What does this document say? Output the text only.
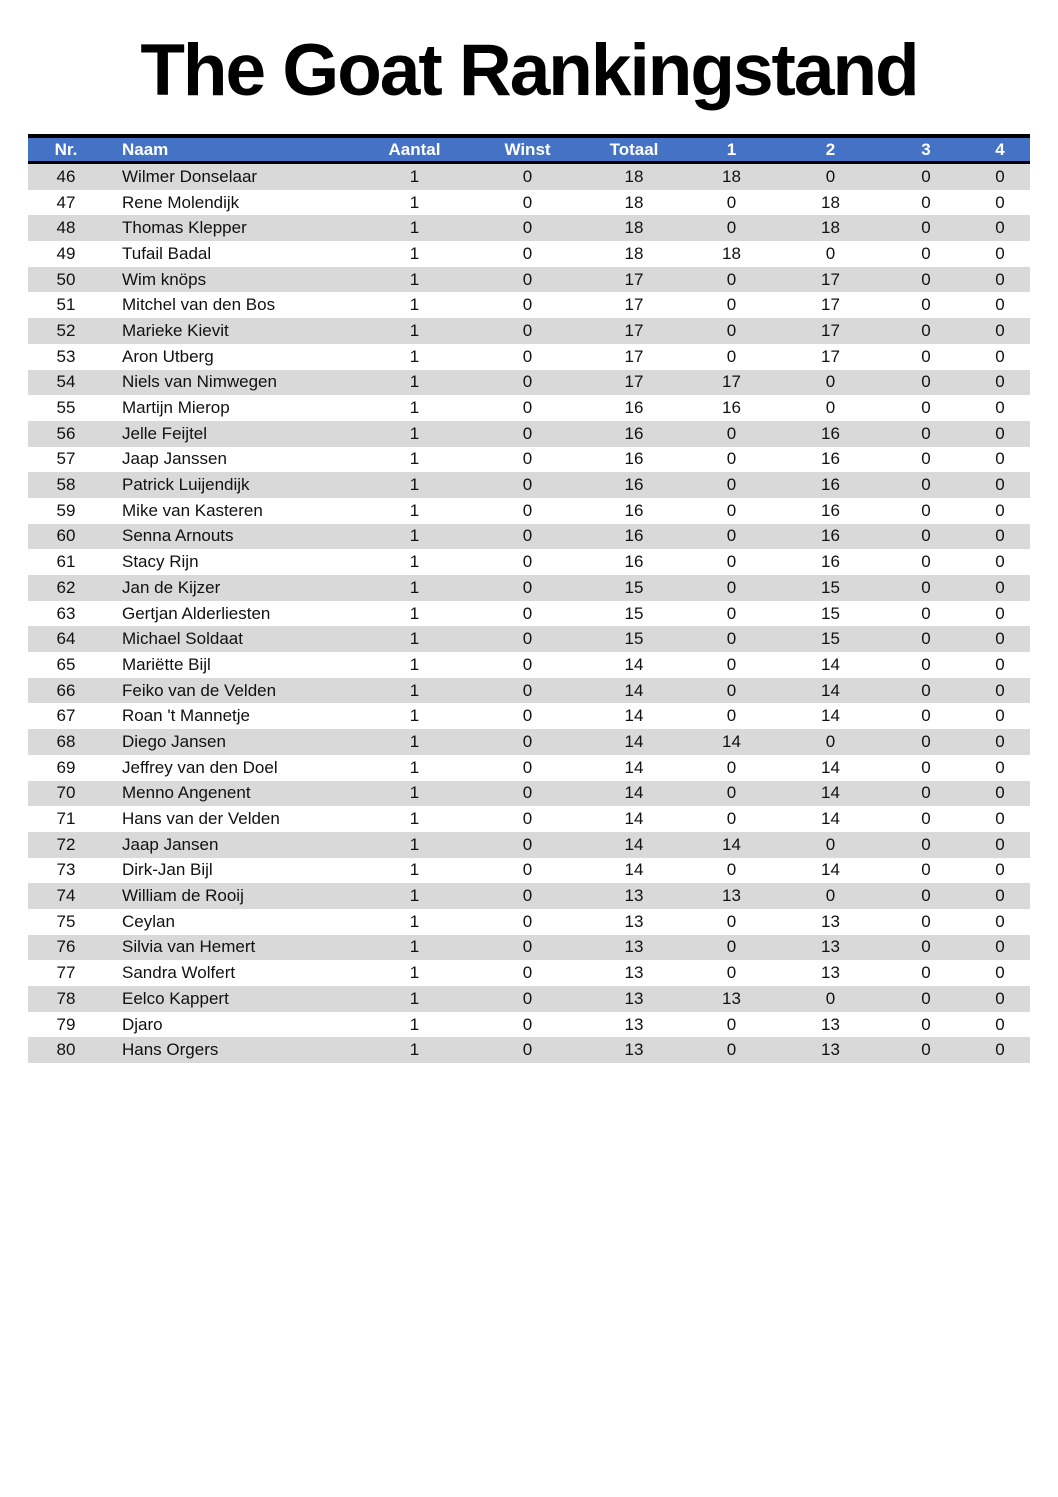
The Goat Rankingstand
Nr.	Naam	Aantal	Winst	Totaal	1	2	3	4
46	Wilmer Donselaar	1	0	18	18	0	0	0
47	Rene Molendijk	1	0	18	0	18	0	0
48	Thomas Klepper	1	0	18	0	18	0	0
49	Tufail Badal	1	0	18	18	0	0	0
50	Wim knöps	1	0	17	0	17	0	0
51	Mitchel van den Bos	1	0	17	0	17	0	0
52	Marieke Kievit	1	0	17	0	17	0	0
53	Aron Utberg	1	0	17	0	17	0	0
54	Niels van Nimwegen	1	0	17	17	0	0	0
55	Martijn Mierop	1	0	16	16	0	0	0
56	Jelle Feijtel	1	0	16	0	16	0	0
57	Jaap Janssen	1	0	16	0	16	0	0
58	Patrick Luijendijk	1	0	16	0	16	0	0
59	Mike van Kasteren	1	0	16	0	16	0	0
60	Senna Arnouts	1	0	16	0	16	0	0
61	Stacy Rijn	1	0	16	0	16	0	0
62	Jan de Kijzer	1	0	15	0	15	0	0
63	Gertjan Alderliesten	1	0	15	0	15	0	0
64	Michael Soldaat	1	0	15	0	15	0	0
65	Mariëtte Bijl	1	0	14	0	14	0	0
66	Feiko van de Velden	1	0	14	0	14	0	0
67	Roan 't Mannetje	1	0	14	0	14	0	0
68	Diego Jansen	1	0	14	14	0	0	0
69	Jeffrey van den Doel	1	0	14	0	14	0	0
70	Menno Angenent	1	0	14	0	14	0	0
71	Hans van der Velden	1	0	14	0	14	0	0
72	Jaap Jansen	1	0	14	14	0	0	0
73	Dirk-Jan Bijl	1	0	14	0	14	0	0
74	William de Rooij	1	0	13	13	0	0	0
75	Ceylan	1	0	13	0	13	0	0
76	Silvia van Hemert	1	0	13	0	13	0	0
77	Sandra Wolfert	1	0	13	0	13	0	0
78	Eelco Kappert	1	0	13	13	0	0	0
79	Djaro	1	0	13	0	13	0	0
80	Hans Orgers	1	0	13	0	13	0	0
